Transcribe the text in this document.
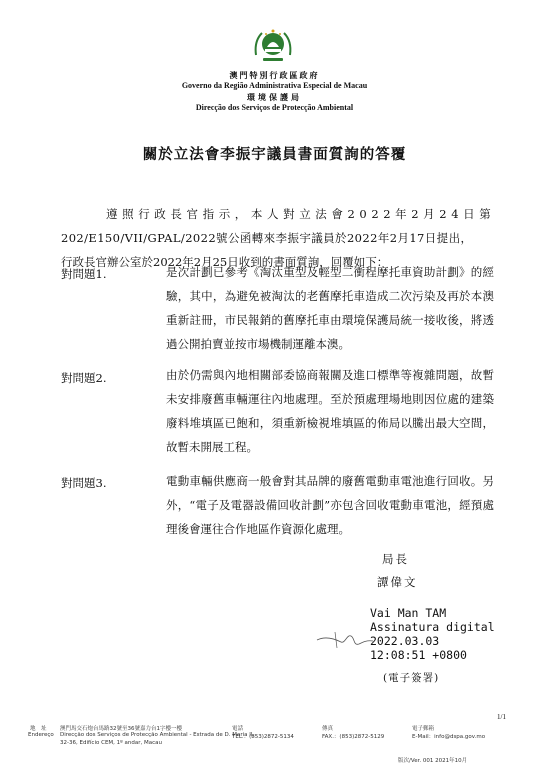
澳門特別行政區政府
Governo da Região Administrativa Especial de Macau
環境保護局
Direcção dos Serviços de Protecção Ambiental
關於立法會李振宇議員書面質詢的答覆
遵照行政長官指示，本人對立法會2022年2月24日第
202/E150/VII/GPAL/2022號公函轉來李振宇議員於2022年2月17日提出，
行政長官辦公室於2022年2月25日收到的書面質詢，回覆如下：
對問題1.	是次計劃已參考《淘汰重型及輕型二衝程摩托車資助計劃》的經驗，其中，為避免被淘汰的老舊摩托車造成二次污染及再於本澳重新註冊，市民報銷的舊摩托車由環境保護局統一接收後，將透過公開拍賣並按市場機制運離本澳。
對問題2.	由於仍需與內地相關部委協商報關及進口標準等複雜問題，故暫未安排廢舊車輛運往內地處理。至於預處理場地則因位處的建築廢料堆填區已飽和，須重新檢視堆填區的佈局以騰出最大空間，故暫未開展工程。
對問題3.	電動車輛供應商一般會對其品牌的廢舊電動車電池進行回收。另外，“電子及電器設備回收計劃”亦包含回收電動車電池，經預處理後會運往合作地區作資源化處理。
局長
譚偉文
Vai Man TAM
Assinatura digital
2022.03.03
12:08:51 +0800
(電子簽署)
1/1
地　址
Endereço
澳門馬交石炮台馬路32號至36號嘉力台1字樓一樓
Direcção dos Serviços de Protecção Ambiental - Estrada de D. Maria II,
32-36, Edifício CEM, 1º andar, Macau
電話
TEL.：(853)2872-5134
傳真
FAX.：(853)2872-5129
電子郵箱
E-Mail：info@dspa.gov.mo
版次/Ver. 001 2021年10月
